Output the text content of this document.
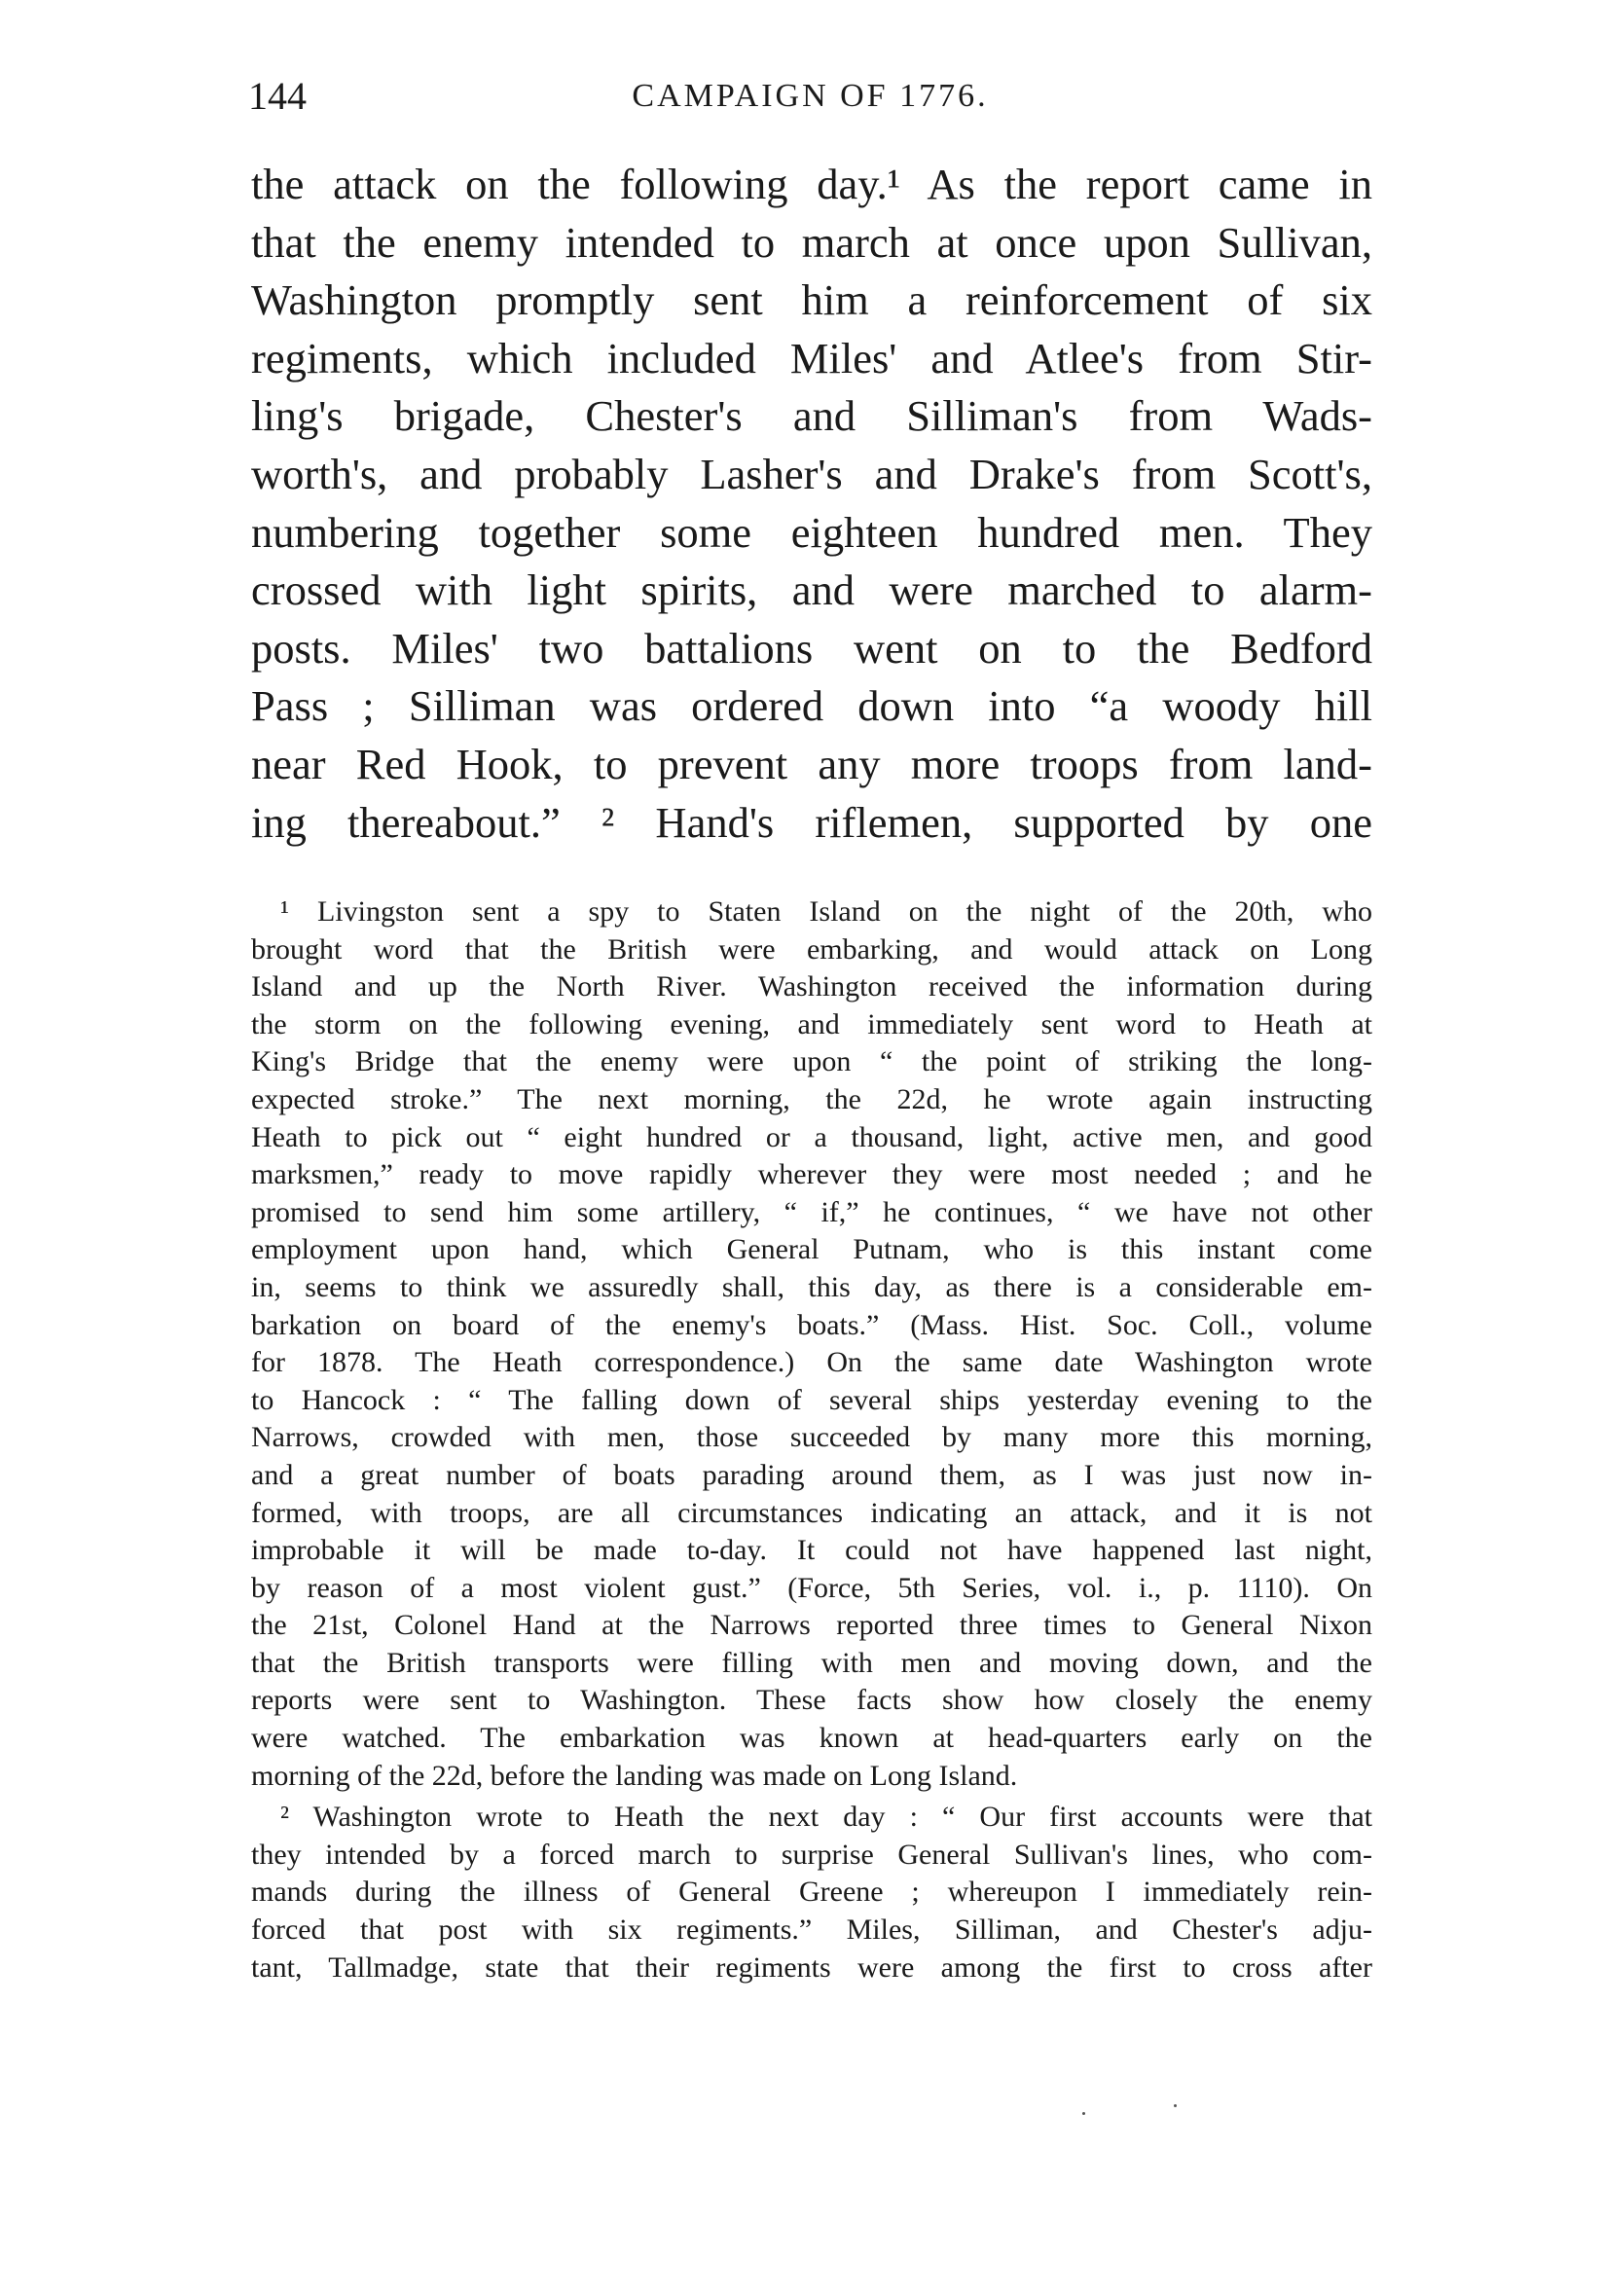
144	CAMPAIGN OF 1776.
the attack on the following day.¹ As the report came in
that the enemy intended to march at once upon Sullivan,
Washington promptly sent him a reinforcement of six
regiments, which included Miles' and Atlee's from Stir-
ling's brigade, Chester's and Silliman's from Wads-
worth's, and probably Lasher's and Drake's from Scott's,
numbering together some eighteen hundred men. They
crossed with light spirits, and were marched to alarm-
posts. Miles' two battalions went on to the Bedford
Pass ; Silliman was ordered down into “a woody hill
near Red Hook, to prevent any more troops from land-
ing thereabout.” ² Hand's riflemen, supported by one
¹ Livingston sent a spy to Staten Island on the night of the 20th, who
brought word that the British were embarking, and would attack on Long
Island and up the North River. Washington received the information during
the storm on the following evening, and immediately sent word to Heath at
King's Bridge that the enemy were upon “ the point of striking the long-
expected stroke.” The next morning, the 22d, he wrote again instructing
Heath to pick out “ eight hundred or a thousand, light, active men, and good
marksmen,” ready to move rapidly wherever they were most needed ; and he
promised to send him some artillery, “ if,” he continues, “ we have not other
employment upon hand, which General Putnam, who is this instant come
in, seems to think we assuredly shall, this day, as there is a considerable em-
barkation on board of the enemy's boats.” (Mass. Hist. Soc. Coll., volume
for 1878. The Heath correspondence.) On the same date Washington wrote
to Hancock : “ The falling down of several ships yesterday evening to the
Narrows, crowded with men, those succeeded by many more this morning,
and a great number of boats parading around them, as I was just now in-
formed, with troops, are all circumstances indicating an attack, and it is not
improbable it will be made to-day. It could not have happened last night,
by reason of a most violent gust.” (Force, 5th Series, vol. i., p. 1110). On
the 21st, Colonel Hand at the Narrows reported three times to General Nixon
that the British transports were filling with men and moving down, and the
reports were sent to Washington. These facts show how closely the enemy
were watched. The embarkation was known at head-quarters early on the
morning of the 22d, before the landing was made on Long Island.
² Washington wrote to Heath the next day : “ Our first accounts were that
they intended by a forced march to surprise General Sullivan's lines, who com-
mands during the illness of General Greene ; whereupon I immediately rein-
forced that post with six regiments.” Miles, Silliman, and Chester's adju-
tant, Tallmadge, state that their regiments were among the first to cross after
